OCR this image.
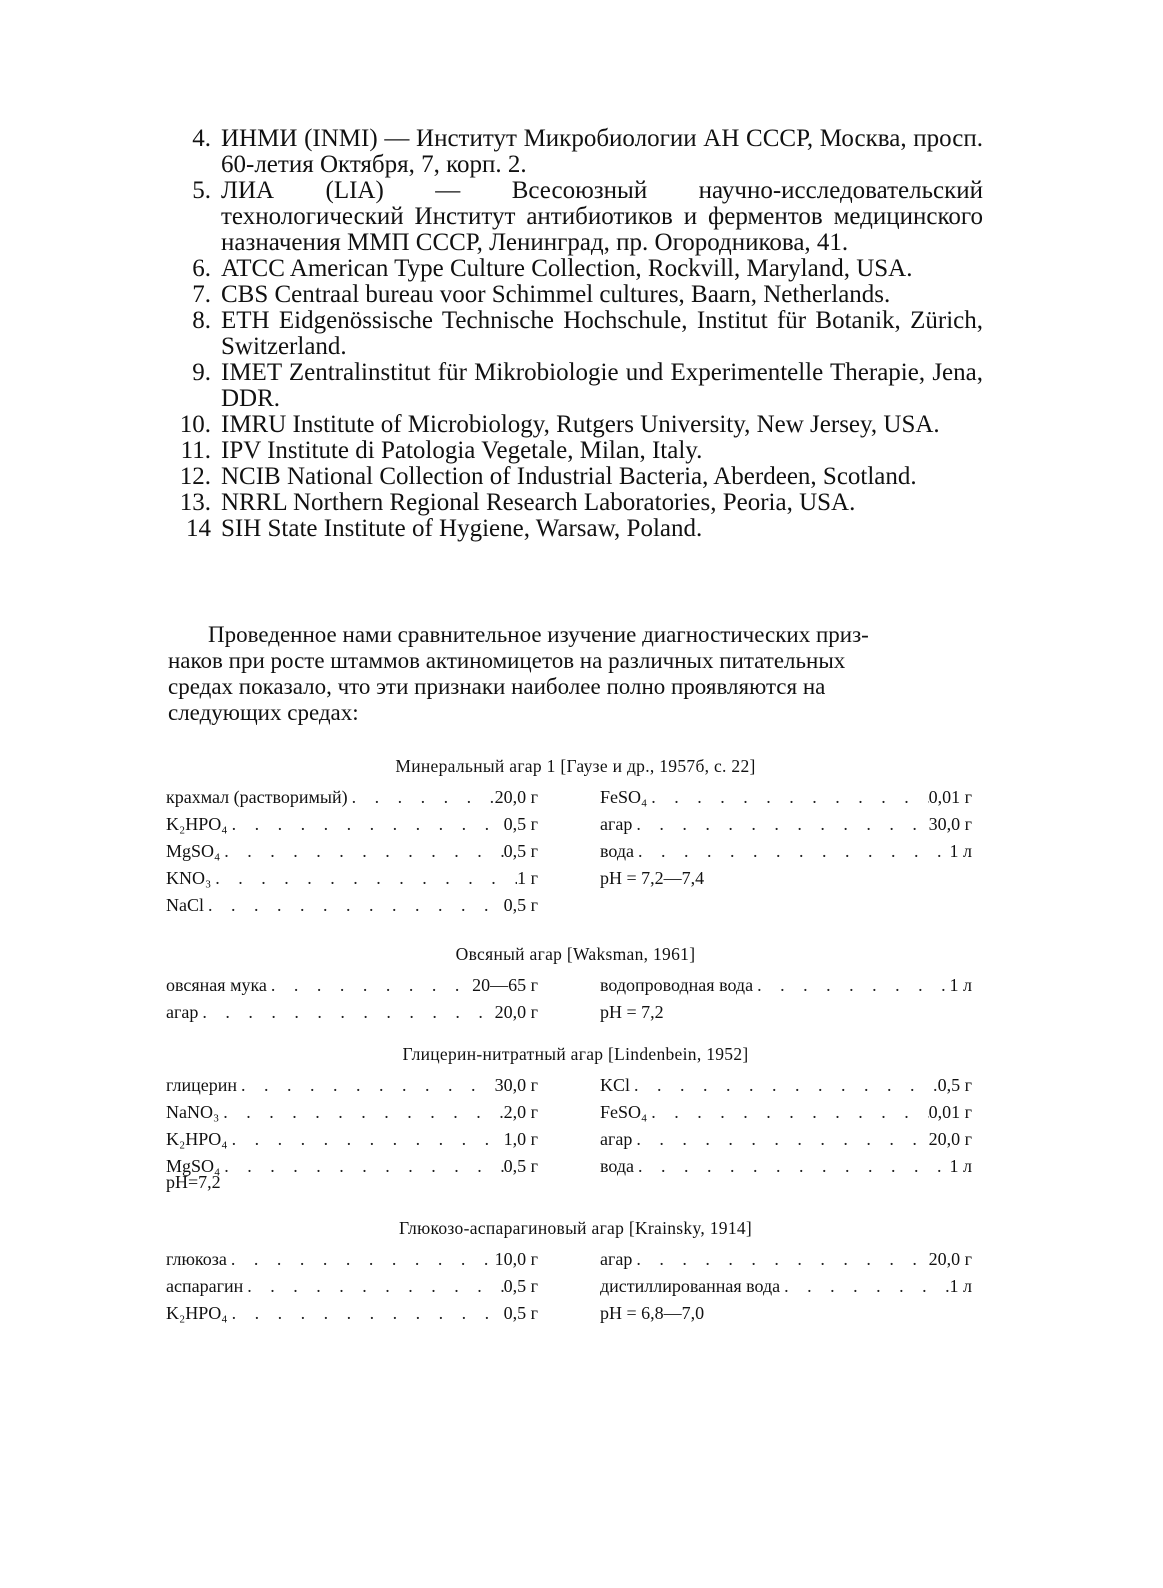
4. ИНМИ (INMI) — Институт Микробиологии АН СССР, Москва, просп. 60-летия Октября, 7, корп. 2.
5. ЛИА (LIA) — Всесоюзный научно-исследовательский технологический Институт антибиотиков и ферментов медицинского назначения ММП СССР, Ленинград, пр. Огородникова, 41.
6. ATCC American Type Culture Collection, Rockvill, Maryland, USA.
7. CBS Centraal bureau voor Schimmel cultures, Baarn, Netherlands.
8. ETH Eidgenössische Technische Hochschule, Institut für Botanik, Zürich, Switzerland.
9. IMET Zentralinstitut für Mikrobiologie und Experimentelle Therapie, Jena, DDR.
10. IMRU Institute of Microbiology, Rutgers University, New Jersey, USA.
11. IPV Institute di Patologia Vegetale, Milan, Italy.
12. NCIB National Collection of Industrial Bacteria, Aberdeen, Scotland.
13. NRRL Northern Regional Research Laboratories, Peoria, USA.
14 SIH State Institute of Hygiene, Warsaw, Poland.

Проведенное нами сравнительное изучение диагностических приз-
наков при росте штаммов актиномицетов на различных питательных
средах показало, что эти признаки наиболее полно проявляются на
следующих средах:

Минеральный агар 1 [Гаузе и др., 1957б, с. 22]
крахмал (растворимый) . . .	20,0 г
K₂HPO₄ . . .	0,5 г
MgSO₄ . . .	0,5 г
KNO₃ . . .	1 г
NaCl . . .	0,5 г
FeSO₄ . . .	0,01 г
агар . . .	30,0 г
вода . . .	1 л
pH = 7,2—7,4
Овсяный агар [Waksman, 1961]
овсяная мука . . .	20—65 г
агар . . .	20,0 г
водопроводная вода . . .	1 л
pH = 7,2
Глицерин-нитратный агар [Lindenbein, 1952]
глицерин . . .	30,0 г
NaNO₃ . . .	2,0 г
K₂HPO₄ . . .	1,0 г
MgSO₄ . . .	0,5 г
pH=7,2
KCl . . .	0,5 г
FeSO₄ . . .	0,01 г
агар . . .	20,0 г
вода . . .	1 л
Глюкозо-аспарагиновый агар [Krainsky, 1914]
глюкоза . . .	10,0 г
аспарагин . . .	0,5 г
K₂HPO₄ . . .	0,5 г
агар . . .	20,0 г
дистиллированная вода . . .	1 л
pH = 6,8—7,0
